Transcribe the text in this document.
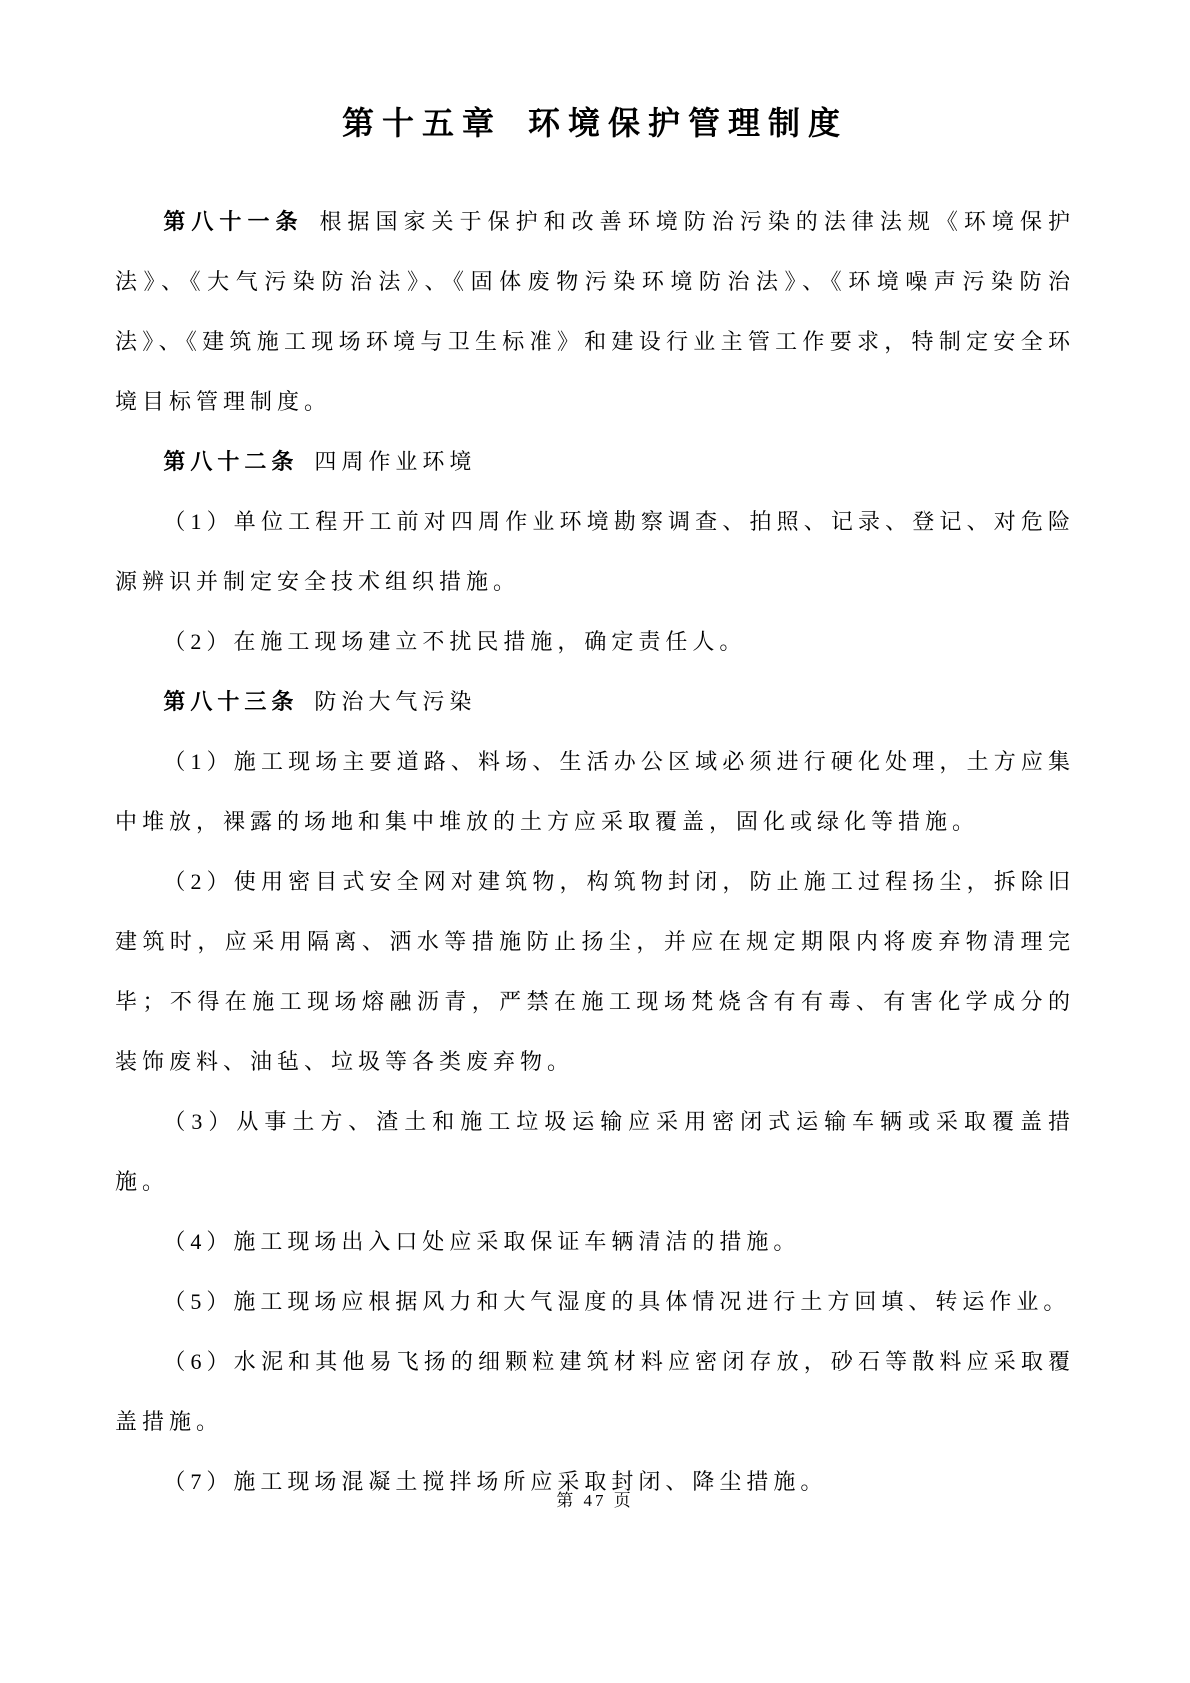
第十五章 环境保护管理制度

第八十一条 根据国家关于保护和改善环境防治污染的法律法规《环境保护法》、《大气污染防治法》、《固体废物污染环境防治法》、《环境噪声污染防治法》、《建筑施工现场环境与卫生标准》和建设行业主管工作要求，特制定安全环境目标管理制度。

第八十二条 四周作业环境

（1）单位工程开工前对四周作业环境勘察调查、拍照、记录、登记、对危险源辨识并制定安全技术组织措施。

（2）在施工现场建立不扰民措施，确定责任人。

第八十三条 防治大气污染

（1）施工现场主要道路、料场、生活办公区域必须进行硬化处理，土方应集中堆放，裸露的场地和集中堆放的土方应采取覆盖，固化或绿化等措施。

（2）使用密目式安全网对建筑物，构筑物封闭，防止施工过程扬尘，拆除旧建筑时，应采用隔离、洒水等措施防止扬尘，并应在规定期限内将废弃物清理完毕；不得在施工现场熔融沥青，严禁在施工现场梵烧含有有毒、有害化学成分的装饰废料、油毡、垃圾等各类废弃物。

（3）从事土方、渣土和施工垃圾运输应采用密闭式运输车辆或采取覆盖措施。

（4）施工现场出入口处应采取保证车辆清洁的措施。

（5）施工现场应根据风力和大气湿度的具体情况进行土方回填、转运作业。

（6）水泥和其他易飞扬的细颗粒建筑材料应密闭存放，砂石等散料应采取覆盖措施。

（7）施工现场混凝土搅拌场所应采取封闭、降尘措施。

第 47 页
